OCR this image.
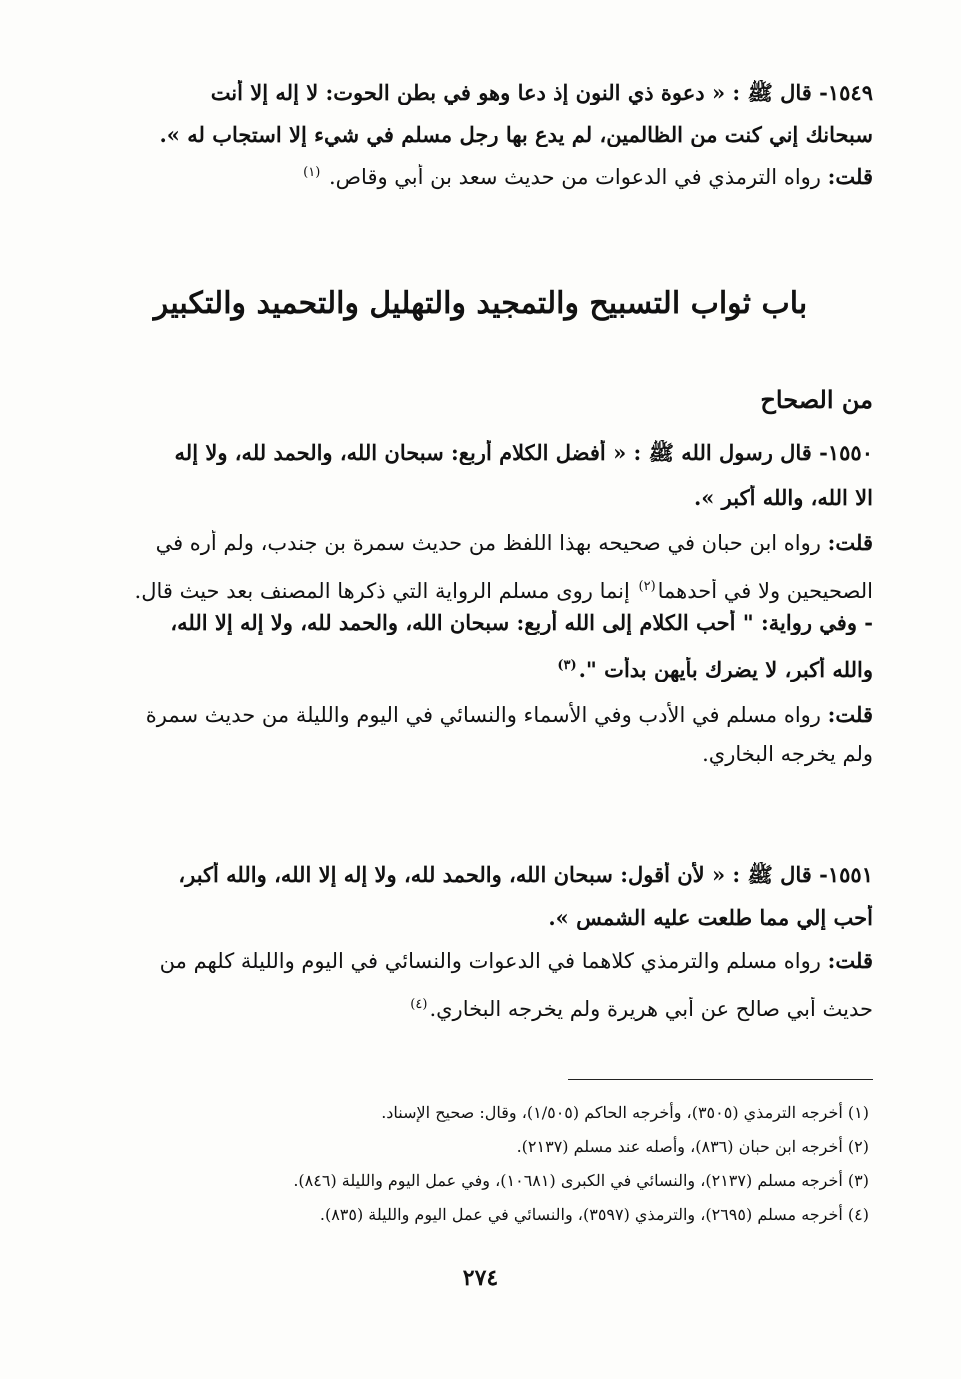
١٥٤٩- قال ﷺ : « دعوة ذي النون إذ دعا وهو في بطن الحوت: لا إله إلا أنت
سبحانك إني كنت من الظالمين، لم يدع بها رجل مسلم في شيء إلا استجاب له ».
قلت: رواه الترمذي في الدعوات من حديث سعد بن أبي وقاص. $^{(١)}$
باب ثواب التسبيح والتمجيد والتهليل والتحميد والتكبير
من الصحاح
١٥٥٠- قال رسول الله ﷺ : « أفضل الكلام أربع: سبحان الله، والحمد لله، ولا إله
الا الله، والله أكبر ».
قلت: رواه ابن حبان في صحيحه بهذا اللفظ من حديث سمرة بن جندب، ولم أره في
الصحيحين ولا في أحدهما$^{(٢)}$ إنما روى مسلم الرواية التي ذكرها المصنف بعد حيث قال.
- وفي رواية: " أحب الكلام إلى الله أربع: سبحان الله، والحمد لله، ولا إله إلا الله،
والله أكبر، لا يضرك بأيهن بدأت ".$^{(٣)}$
قلت: رواه مسلم في الأدب وفي الأسماء والنسائي في اليوم والليلة من حديث سمرة
ولم يخرجه البخاري.
١٥٥١- قال ﷺ : « لأن أقول: سبحان الله، والحمد لله، ولا إله إلا الله، والله أكبر،
أحب إلي مما طلعت عليه الشمس ».
قلت: رواه مسلم والترمذي كلاهما في الدعوات والنسائي في اليوم والليلة كلهم من
حديث أبي صالح عن أبي هريرة ولم يخرجه البخاري.$^{(٤)}$
(١) أخرجه الترمذي (٣٥٠٥)، وأخرجه الحاكم (١/٥٠٥)، وقال: صحيح الإسناد.
(٢) أخرجه ابن حبان (٨٣٦)، وأصله عند مسلم (٢١٣٧).
(٣) أخرجه مسلم (٢١٣٧)، والنسائي في الكبرى (١٠٦٨١)، وفي عمل اليوم والليلة (٨٤٦).
(٤) أخرجه مسلم (٢٦٩٥)، والترمذي (٣٥٩٧)، والنسائي في عمل اليوم والليلة (٨٣٥).
٢٧٤
